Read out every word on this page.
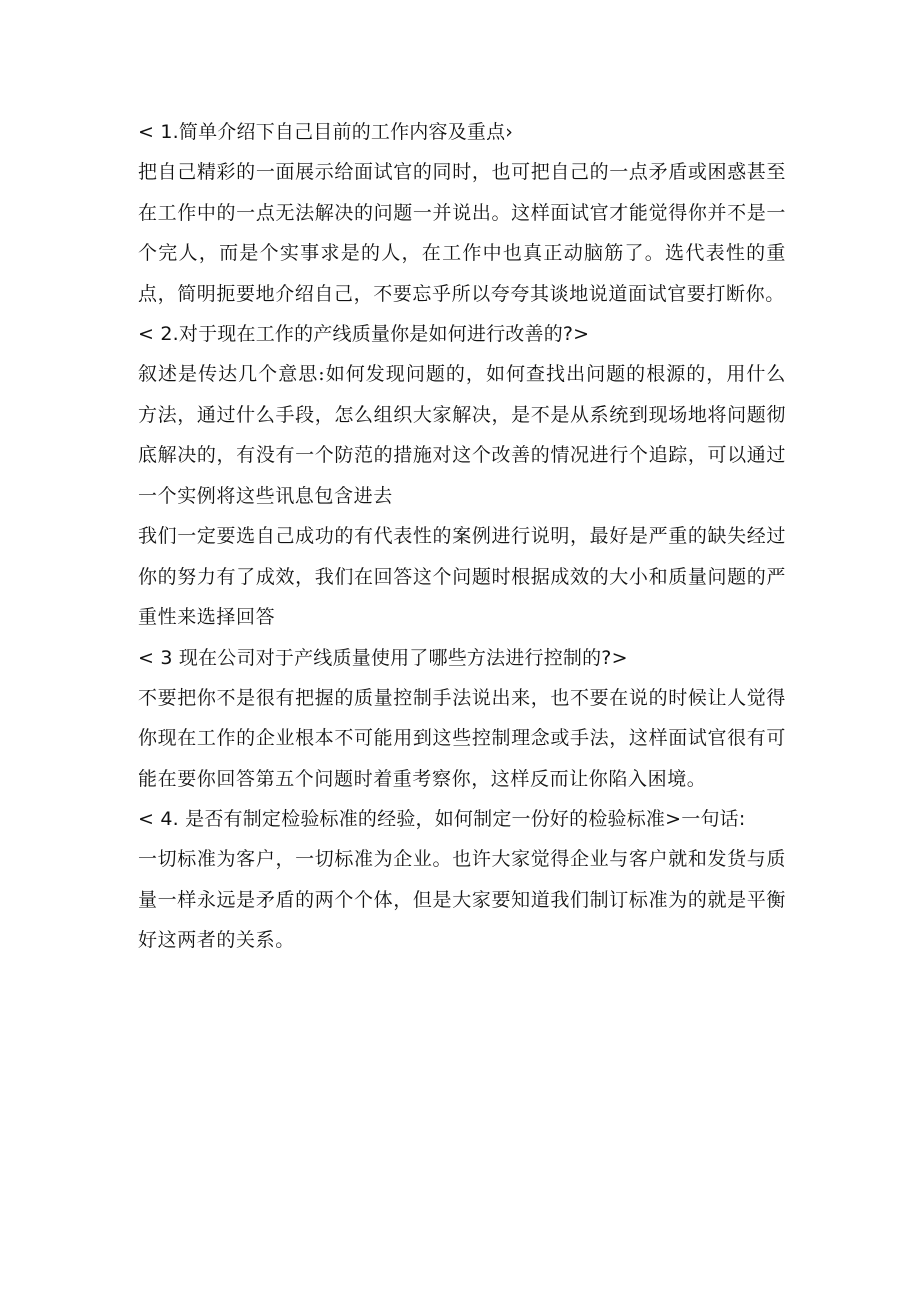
< 1.简单介绍下自己目前的工作内容及重点›

把自己精彩的一面展示给面试官的同时，也可把自己的一点矛盾或困惑甚至在工作中的一点无法解决的问题一并说出。这样面试官才能觉得你并不是一个完人，而是个实事求是的人，在工作中也真正动脑筋了。选代表性的重点，简明扼要地介绍自己，不要忘乎所以夸夸其谈地说道面试官要打断你。

< 2.对于现在工作的产线质量你是如何进行改善的?>

叙述是传达几个意思:如何发现问题的，如何查找出问题的根源的，用什么方法，通过什么手段，怎么组织大家解决，是不是从系统到现场地将问题彻底解决的，有没有一个防范的措施对这个改善的情况进行个追踪，可以通过一个实例将这些讯息包含进去

我们一定要选自己成功的有代表性的案例进行说明，最好是严重的缺失经过你的努力有了成效，我们在回答这个问题时根据成效的大小和质量问题的严重性来选择回答

< 3 现在公司对于产线质量使用了哪些方法进行控制的?>

不要把你不是很有把握的质量控制手法说出来，也不要在说的时候让人觉得你现在工作的企业根本不可能用到这些控制理念或手法，这样面试官很有可能在要你回答第五个问题时着重考察你，这样反而让你陷入困境。

< 4. 是否有制定检验标准的经验，如何制定一份好的检验标准>一句话:

一切标准为客户，一切标准为企业。也许大家觉得企业与客户就和发货与质量一样永远是矛盾的两个个体，但是大家要知道我们制订标准为的就是平衡好这两者的关系。
